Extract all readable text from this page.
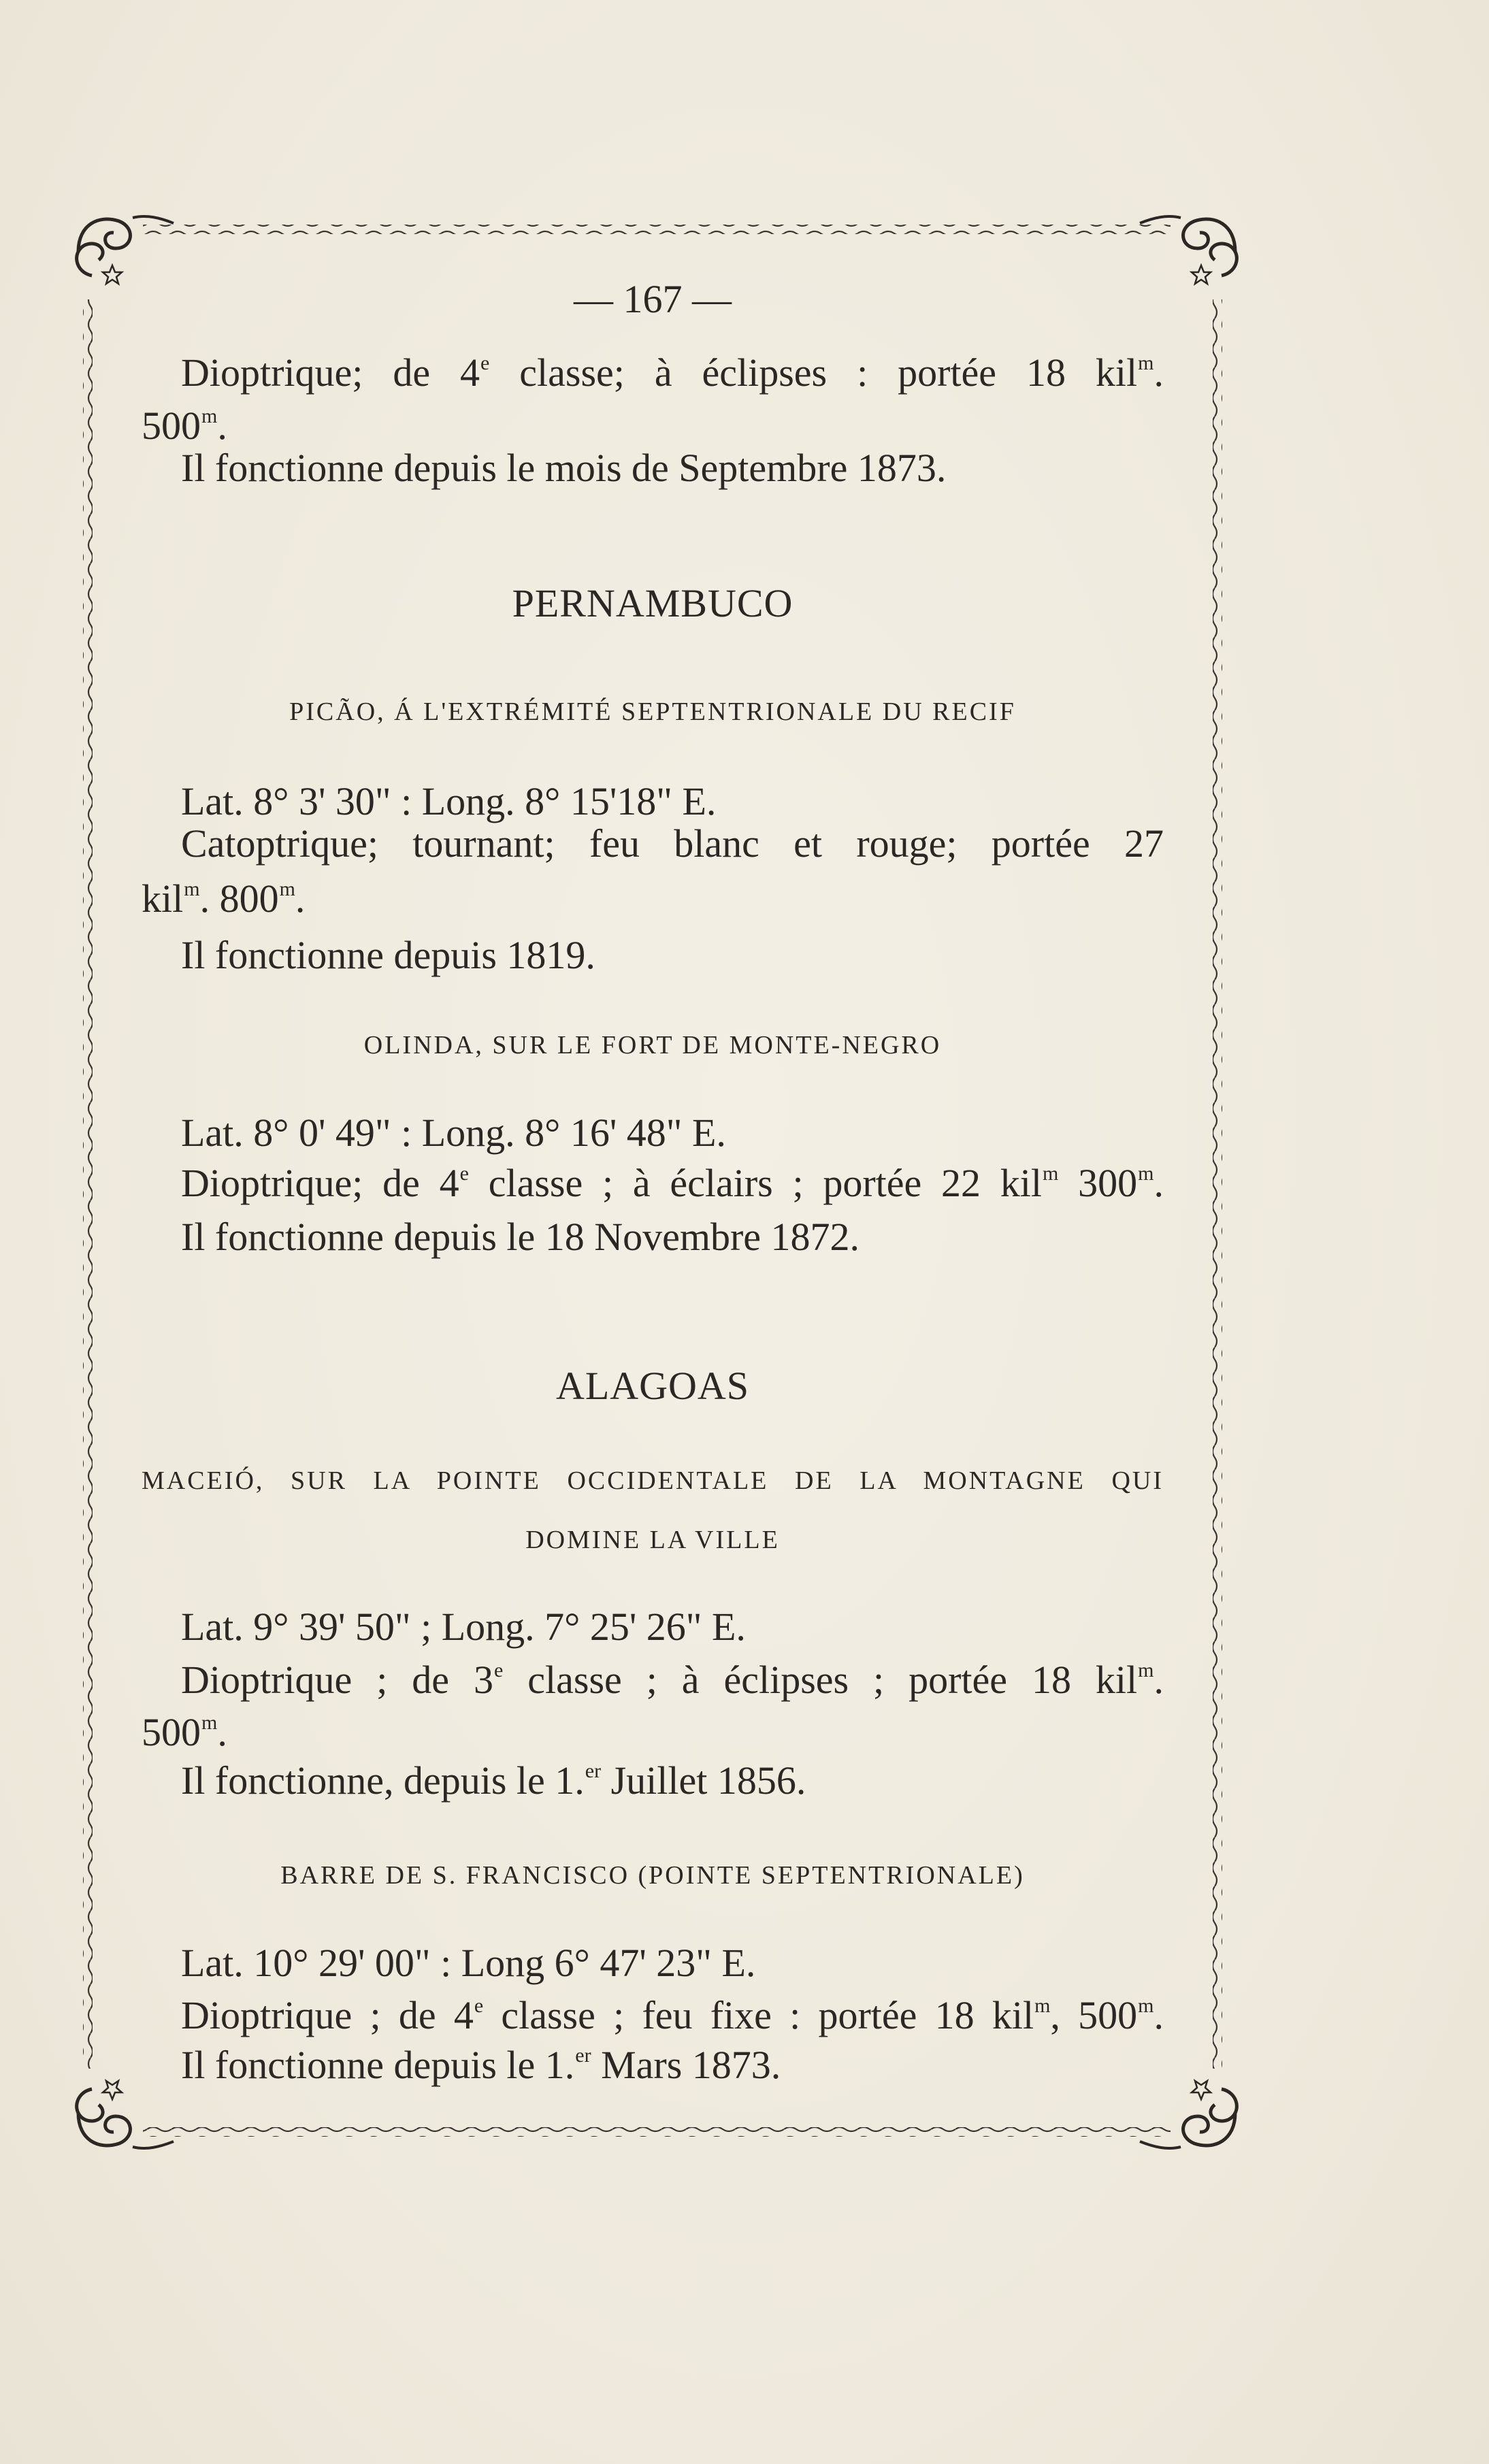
— 167 —
Dioptrique; de 4e classe; à éclipses : portée 18 kil$^m$.
500$^m$.
Il fonctionne depuis le mois de Septembre 1873.
PERNAMBUCO
PICÃO, Á L'EXTRÉMITÉ SEPTENTRIONALE DU RECIF
Lat. 8° 3' 30" : Long. 8° 15'18" E.
Catoptrique; tournant; feu blanc et rouge; portée 27
kil$^m$. 800$^m$.
Il fonctionne depuis 1819.
OLINDA, SUR LE FORT DE MONTE-NEGRO
Lat. 8° 0' 49" : Long. 8° 16' 48" E.
Dioptrique; de 4e classe ; à éclairs ; portée 22 kil$^m$ 300$^m$.
Il fonctionne depuis le 18 Novembre 1872.
ALAGOAS
MACEIÓ, SUR LA POINTE OCCIDENTALE DE LA MONTAGNE QUI
DOMINE LA VILLE
Lat. 9° 39' 50" ; Long. 7° 25' 26" E.
Dioptrique ; de 3e classe ; à éclipses ; portée 18 kil$^m$.
500$^m$.
Il fonctionne, depuis le 1.$^{er}$ Juillet 1856.
BARRE DE S. FRANCISCO (POINTE SEPTENTRIONALE)
Lat. 10° 29' 00" : Long 6° 47' 23" E.
Dioptrique ; de 4e classe ; feu fixe : portée 18 kil$^m$, 500$^m$.
Il fonctionne depuis le 1.$^{er}$ Mars 1873.
